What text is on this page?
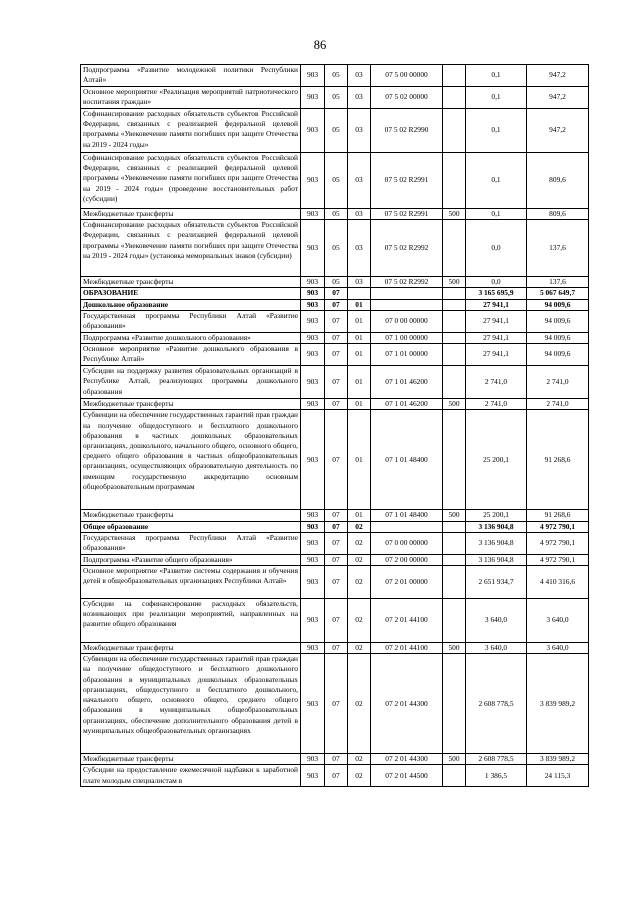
86
Подпрограмма «Развитие молодежной политики Республики Алтай»	903	05	03	07 5 00 00000		0,1	947,2
Основное мероприятие «Реализация мероприятий патриотического воспитания граждан»	903	05	03	07 5 02 00000		0,1	947,2
Софинансирование расходных обязательств субъектов Российской Федерации, связанных с реализацией федеральной целевой программы «Увековечение памяти погибших при защите Отечества на 2019 - 2024 годы»	903	05	03	07 5 02 R2990		0,1	947,2
Софинансирование расходных обязательств субъектов Российской Федерации, связанных с реализацией федеральной целевой программы «Увековечение памяти погибших при защите Отечества на 2019 - 2024 годы» (проведение восстановительных работ (субсидии)	903	05	03	07 5 02 R2991		0,1	809,6
Межбюджетные трансферты	903	05	03	07 5 02 R2991	500	0,1	809,6
Софинансирование расходных обязательств субъектов Российской Федерации, связанных с реализацией федеральной целевой программы «Увековечение памяти погибших при защите Отечества на 2019 - 2024 годы» (установка мемориальных знаков (субсидии)	903	05	03	07 5 02 R2992		0,0	137,6
Межбюджетные трансферты	903	05	03	07 5 02 R2992	500	0,0	137,6
ОБРАЗОВАНИЕ	903	07				3 165 695,9	5 067 649,7
Дошкольное образование	903	07	01			27 941,1	94 009,6
Государственная программа Республики Алтай «Развитие образования»	903	07	01	07 0 00 00000		27 941,1	94 009,6
Подпрограмма «Развитие дошкольного образования»	903	07	01	07 1 00 00000		27 941,1	94 009,6
Основное мероприятие «Развитие дошкольного образования в Республике Алтай»	903	07	01	07 1 01 00000		27 941,1	94 009,6
Субсидии на поддержку развития образовательных организаций в Республике Алтай, реализующих программы дошкольного образования	903	07	01	07 1 01 46200		2 741,0	2 741,0
Межбюджетные трансферты	903	07	01	07 1 01 46200	500	2 741,0	2 741,0
Субвенции на обеспечение государственных гарантий прав граждан на получение общедоступного и бесплатного дошкольного образования в частных дошкольных образовательных организациях, дошкольного, начального общего, основного общего, среднего общего образования в частных общеобразовательных организациях, осуществляющих образовательную деятельность по имеющим государственную аккредитацию основным общеобразовательным программам	903	07	01	07 1 01 48400		25 200,1	91 268,6
Межбюджетные трансферты	903	07	01	07 1 01 48400	500	25 200,1	91 268,6
Общее образование	903	07	02			3 136 904,8	4 972 790,1
Государственная программа Республики Алтай «Развитие образования»	903	07	02	07 0 00 00000		3 136 904,8	4 972 790,1
Подпрограмма «Развитие общего образования»	903	07	02	07 2 00 00000		3 136 904,8	4 972 790,1
Основное мероприятие «Развитие системы содержания и обучения детей в общеобразовательных организациях Республики Алтай»	903	07	02	07 2 01 00000		2 651 934,7	4 410 316,6
Субсидии на софинансирование расходных обязательств, возникающих при реализации мероприятий, направленных на развитие общего образования	903	07	02	07 2 01 44100		3 640,0	3 640,0
Межбюджетные трансферты	903	07	02	07 2 01 44100	500	3 640,0	3 640,0
Субвенции на обеспечение государственных гарантий прав граждан на получение общедоступного и бесплатного дошкольного образования в муниципальных дошкольных образовательных организациях, общедоступного и бесплатного дошкольного, начального общего, основного общего, среднего общего образования в муниципальных общеобразовательных организациях, обеспечение дополнительного образования детей в муниципальных общеобразовательных организациях	903	07	02	07 2 01 44300		2 608 778,5	3 839 989,2
Межбюджетные трансферты	903	07	02	07 2 01 44300	500	2 608 778,5	3 839 989,2
Субсидии на предоставление ежемесячной надбавки к заработной плате молодым специалистам в	903	07	02	07 2 01 44500		1 386,5	24 115,3
